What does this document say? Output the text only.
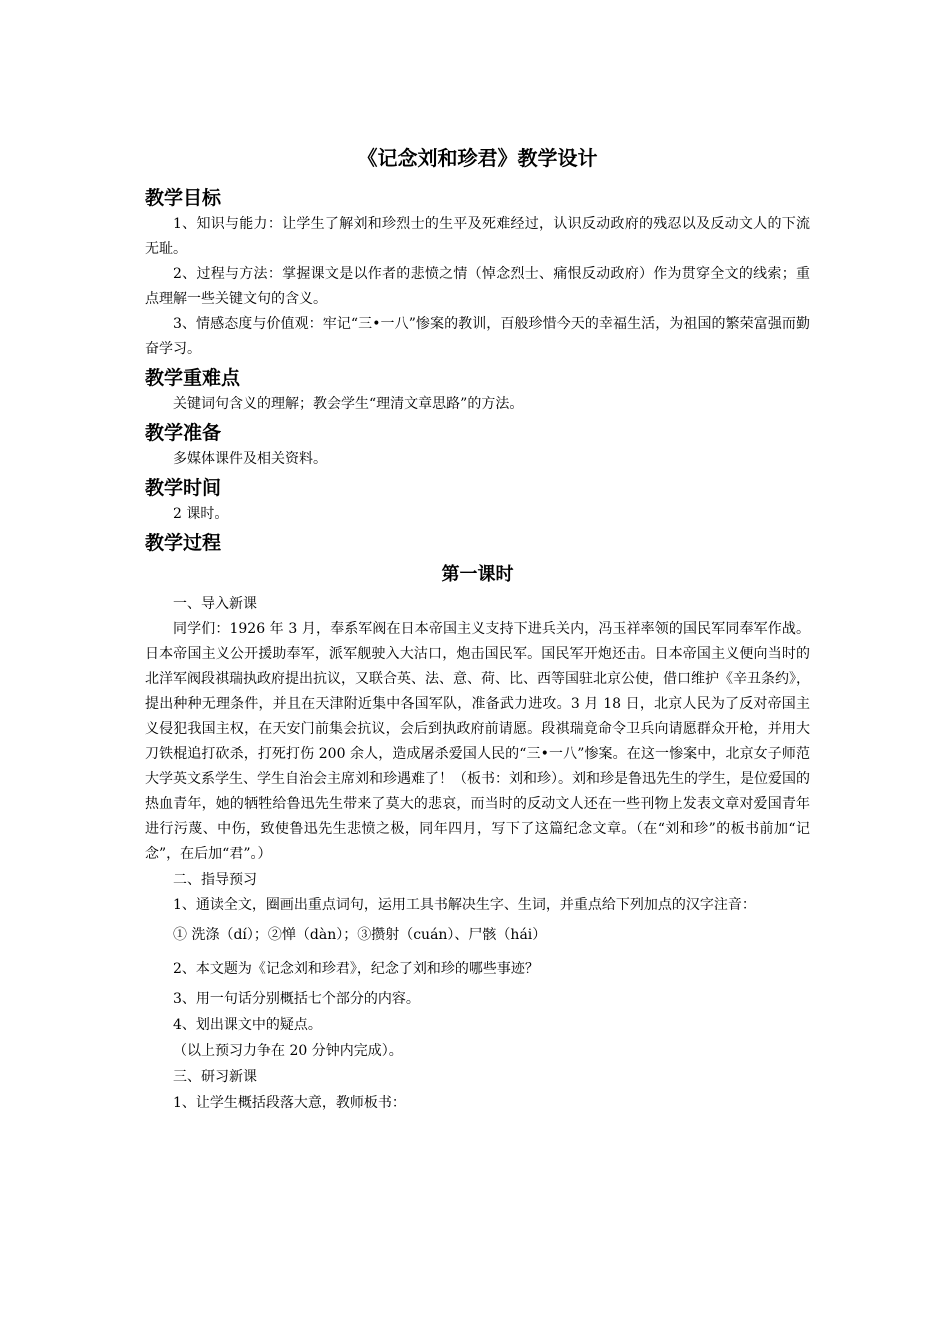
《记念刘和珍君》教学设计
教学目标

1、知识与能力：让学生了解刘和珍烈士的生平及死难经过，认识反动政府的残忍以及反动文人的下流无耻。

2、过程与方法：掌握课文是以作者的悲愤之情（悼念烈士、痛恨反动政府）作为贯穿全文的线索；重点理解一些关键文句的含义。

3、情感态度与价值观：牢记“三•一八”惨案的教训，百般珍惜今天的幸福生活，为祖国的繁荣富强而勤奋学习。

教学重难点

关键词句含义的理解；教会学生“理清文章思路”的方法。

教学准备

多媒体课件及相关资料。

教学时间

2 课时。

教学过程
第一课时

一、导入新课

同学们：1926 年 3 月，奉系军阀在日本帝国主义支持下进兵关内，冯玉祥率领的国民军同奉军作战。日本帝国主义公开援助奉军，派军舰驶入大沽口，炮击国民军。国民军开炮还击。日本帝国主义便向当时的北洋军阀段祺瑞执政府提出抗议，又联合英、法、意、荷、比、西等国驻北京公使，借口维护《辛丑条约》，提出种种无理条件，并且在天津附近集中各国军队，准备武力进攻。3 月 18 日，北京人民为了反对帝国主义侵犯我国主权，在天安门前集会抗议，会后到执政府前请愿。段祺瑞竟命令卫兵向请愿群众开枪，并用大刀铁棍追打砍杀，打死打伤 200 余人，造成屠杀爱国人民的“三•一八”惨案。在这一惨案中，北京女子师范大学英文系学生、学生自治会主席刘和珍遇难了！（板书：刘和珍）。刘和珍是鲁迅先生的学生，是位爱国的热血青年，她的牺牲给鲁迅先生带来了莫大的悲哀，而当时的反动文人还在一些刊物上发表文章对爱国青年进行污蔑、中伤，致使鲁迅先生悲愤之极，同年四月，写下了这篇纪念文章。（在“刘和珍”的板书前加“记念”，在后加“君”。）

二、指导预习

1、通读全文，圈画出重点词句，运用工具书解决生字、生词，并重点给下列加点的汉字注音：

① 洗涤（dí）；②惮（dàn）；③攒射（cuán）、尸骸（hái）

2、本文题为《记念刘和珍君》，纪念了刘和珍的哪些事迹？

3、用一句话分别概括七个部分的内容。

4、划出课文中的疑点。

（以上预习力争在 20 分钟内完成）。

三、研习新课

1、让学生概括段落大意，教师板书：
